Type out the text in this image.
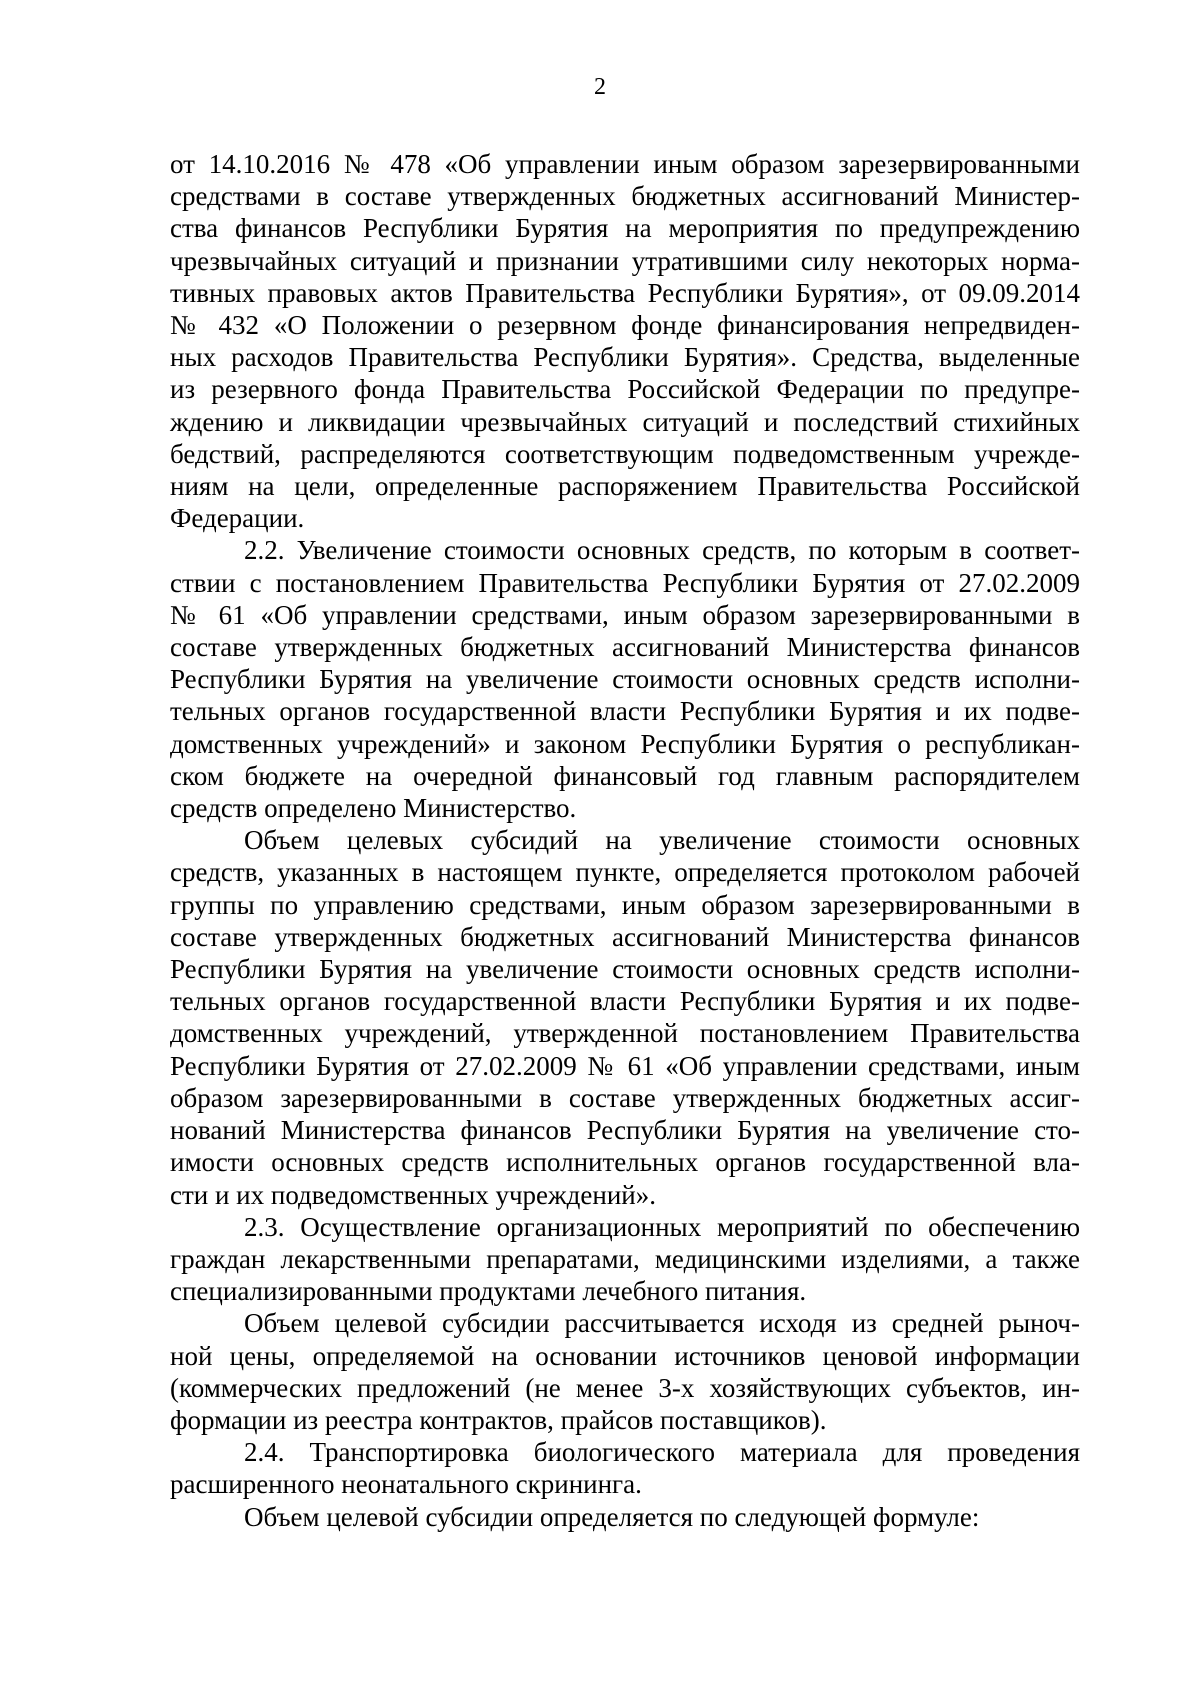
2
от 14.10.2016 № 478 «Об управлении иным образом зарезервированными
средствами в составе утвержденных бюджетных ассигнований Министер-
ства финансов Республики Бурятия на мероприятия по предупреждению
чрезвычайных ситуаций и признании утратившими силу некоторых норма-
тивных правовых актов Правительства Республики Бурятия», от 09.09.2014
№ 432 «О Положении о резервном фонде финансирования непредвиден-
ных расходов Правительства Республики Бурятия». Средства, выделенные
из резервного фонда Правительства Российской Федерации по предупре-
ждению и ликвидации чрезвычайных ситуаций и последствий стихийных
бедствий, распределяются соответствующим подведомственным учрежде-
ниям на цели, определенные распоряжением Правительства Российской
Федерации.
2.2. Увеличение стоимости основных средств, по которым в соответ-
ствии с постановлением Правительства Республики Бурятия от 27.02.2009
№ 61 «Об управлении средствами, иным образом зарезервированными в
составе утвержденных бюджетных ассигнований Министерства финансов
Республики Бурятия на увеличение стоимости основных средств исполни-
тельных органов государственной власти Республики Бурятия и их подве-
домственных учреждений» и законом Республики Бурятия о республикан-
ском бюджете на очередной финансовый год главным распорядителем
средств определено Министерство.
Объем целевых субсидий на увеличение стоимости основных
средств, указанных в настоящем пункте, определяется протоколом рабочей
группы по управлению средствами, иным образом зарезервированными в
составе утвержденных бюджетных ассигнований Министерства финансов
Республики Бурятия на увеличение стоимости основных средств исполни-
тельных органов государственной власти Республики Бурятия и их подве-
домственных учреждений, утвержденной постановлением Правительства
Республики Бурятия от 27.02.2009 № 61 «Об управлении средствами, иным
образом зарезервированными в составе утвержденных бюджетных ассиг-
нований Министерства финансов Республики Бурятия на увеличение сто-
имости основных средств исполнительных органов государственной вла-
сти и их подведомственных учреждений».
2.3. Осуществление организационных мероприятий по обеспечению
граждан лекарственными препаратами, медицинскими изделиями, а также
специализированными продуктами лечебного питания.
Объем целевой субсидии рассчитывается исходя из средней рыноч-
ной цены, определяемой на основании источников ценовой информации
(коммерческих предложений (не менее 3-х хозяйствующих субъектов, ин-
формации из реестра контрактов, прайсов поставщиков).
2.4. Транспортировка биологического материала для проведения
расширенного неонатального скрининга.
Объем целевой субсидии определяется по следующей формуле:
